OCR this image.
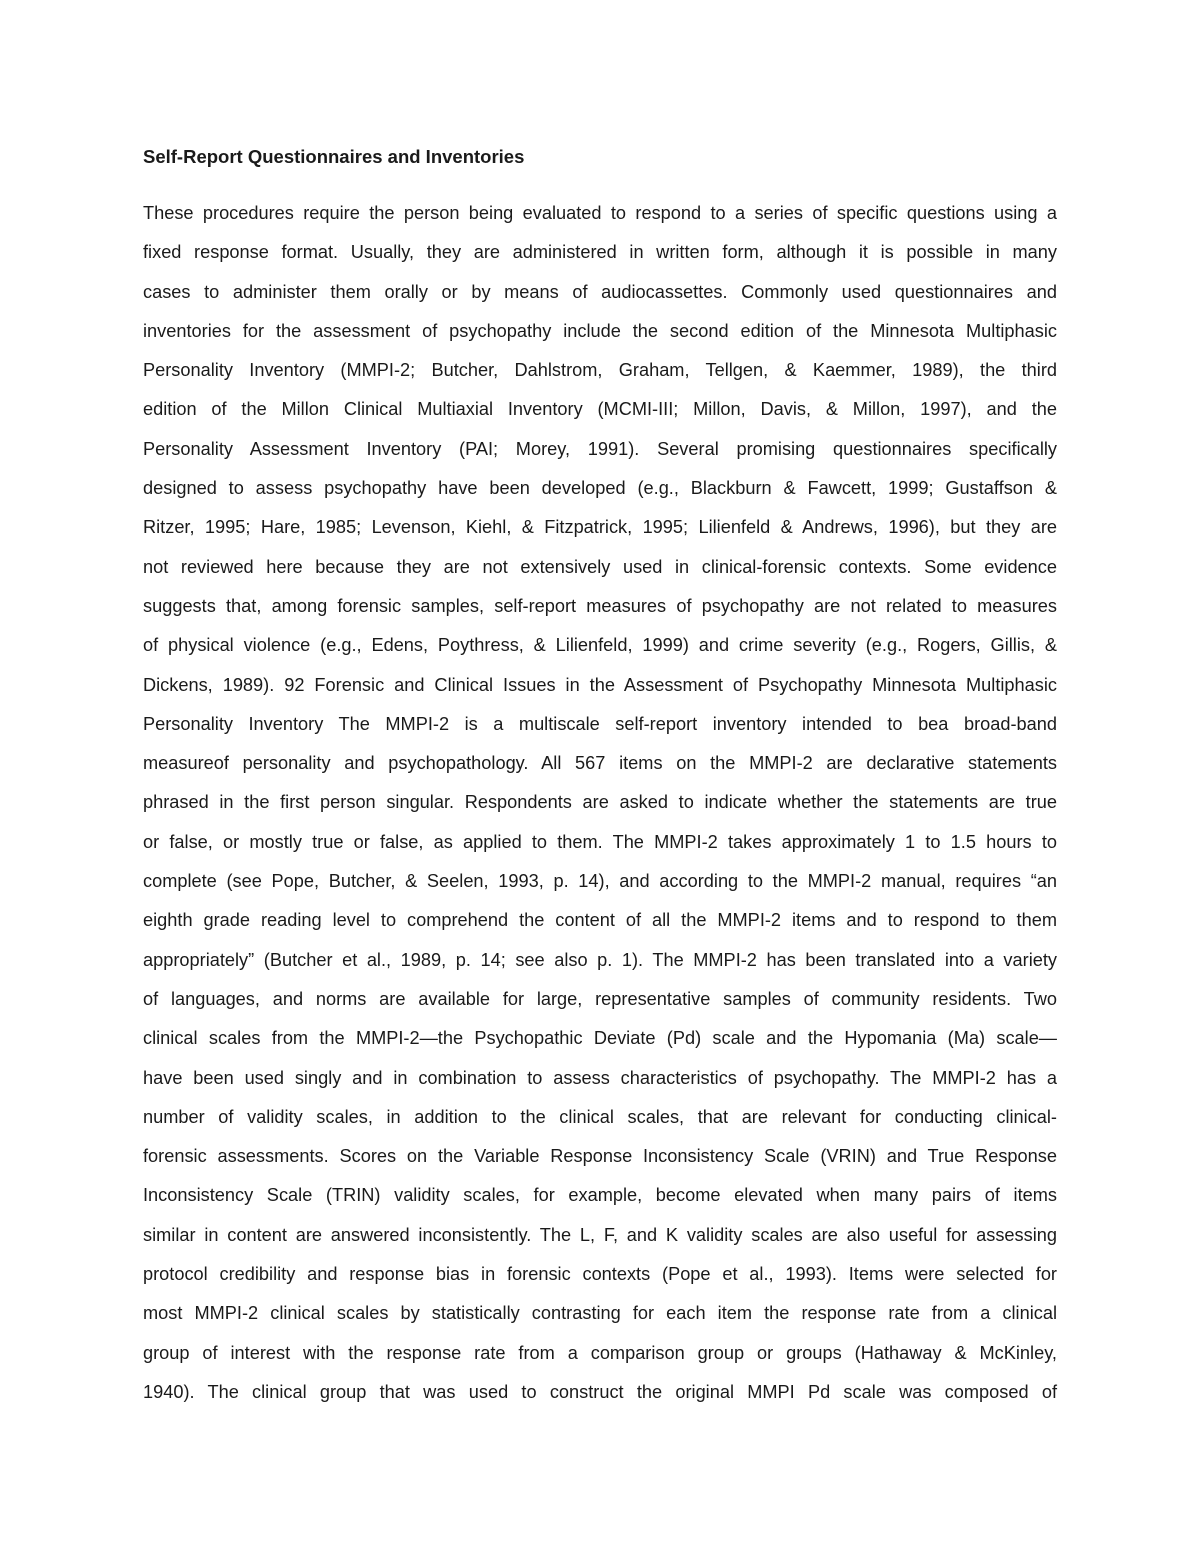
Self-Report Questionnaires and Inventories
These procedures require the person being evaluated to respond to a series of specific questions using a
fixed response format. Usually, they are administered in written form, although it is possible in many
cases to administer them orally or by means of audiocassettes. Commonly used questionnaires and
inventories for the assessment of psychopathy include the second edition of the Minnesota Multiphasic
Personality Inventory (MMPI-2; Butcher, Dahlstrom, Graham, Tellgen, & Kaemmer, 1989), the third
edition of the Millon Clinical Multiaxial Inventory (MCMI-III; Millon, Davis, & Millon, 1997), and the
Personality Assessment Inventory (PAI; Morey, 1991). Several promising questionnaires specifically
designed to assess psychopathy have been developed (e.g., Blackburn & Fawcett, 1999; Gustaffson &
Ritzer, 1995; Hare, 1985; Levenson, Kiehl, & Fitzpatrick, 1995; Lilienfeld & Andrews, 1996), but they are
not reviewed here because they are not extensively used in clinical-forensic contexts. Some evidence
suggests that, among forensic samples, self-report measures of psychopathy are not related to measures
of physical violence (e.g., Edens, Poythress, & Lilienfeld, 1999) and crime severity (e.g., Rogers, Gillis, &
Dickens, 1989). 92 Forensic and Clinical Issues in the Assessment of Psychopathy Minnesota Multiphasic
Personality Inventory The MMPI-2 is a multiscale self-report inventory intended to bea broad-band
measureof personality and psychopathology. All 567 items on the MMPI-2 are declarative statements
phrased in the first person singular. Respondents are asked to indicate whether the statements are true
or false, or mostly true or false, as applied to them. The MMPI-2 takes approximately 1 to 1.5 hours to
complete (see Pope, Butcher, & Seelen, 1993, p. 14), and according to the MMPI-2 manual, requires “an
eighth grade reading level to comprehend the content of all the MMPI-2 items and to respond to them
appropriately” (Butcher et al., 1989, p. 14; see also p. 1). The MMPI-2 has been translated into a variety
of languages, and norms are available for large, representative samples of community residents. Two
clinical scales from the MMPI-2—the Psychopathic Deviate (Pd) scale and the Hypomania (Ma) scale—
have been used singly and in combination to assess characteristics of psychopathy. The MMPI-2 has a
number of validity scales, in addition to the clinical scales, that are relevant for conducting clinical-
forensic assessments. Scores on the Variable Response Inconsistency Scale (VRIN) and True Response
Inconsistency Scale (TRIN) validity scales, for example, become elevated when many pairs of items
similar in content are answered inconsistently. The L, F, and K validity scales are also useful for assessing
protocol credibility and response bias in forensic contexts (Pope et al., 1993). Items were selected for
most MMPI-2 clinical scales by statistically contrasting for each item the response rate from a clinical
group of interest with the response rate from a comparison group or groups (Hathaway & McKinley,
1940). The clinical group that was used to construct the original MMPI Pd scale was composed of
